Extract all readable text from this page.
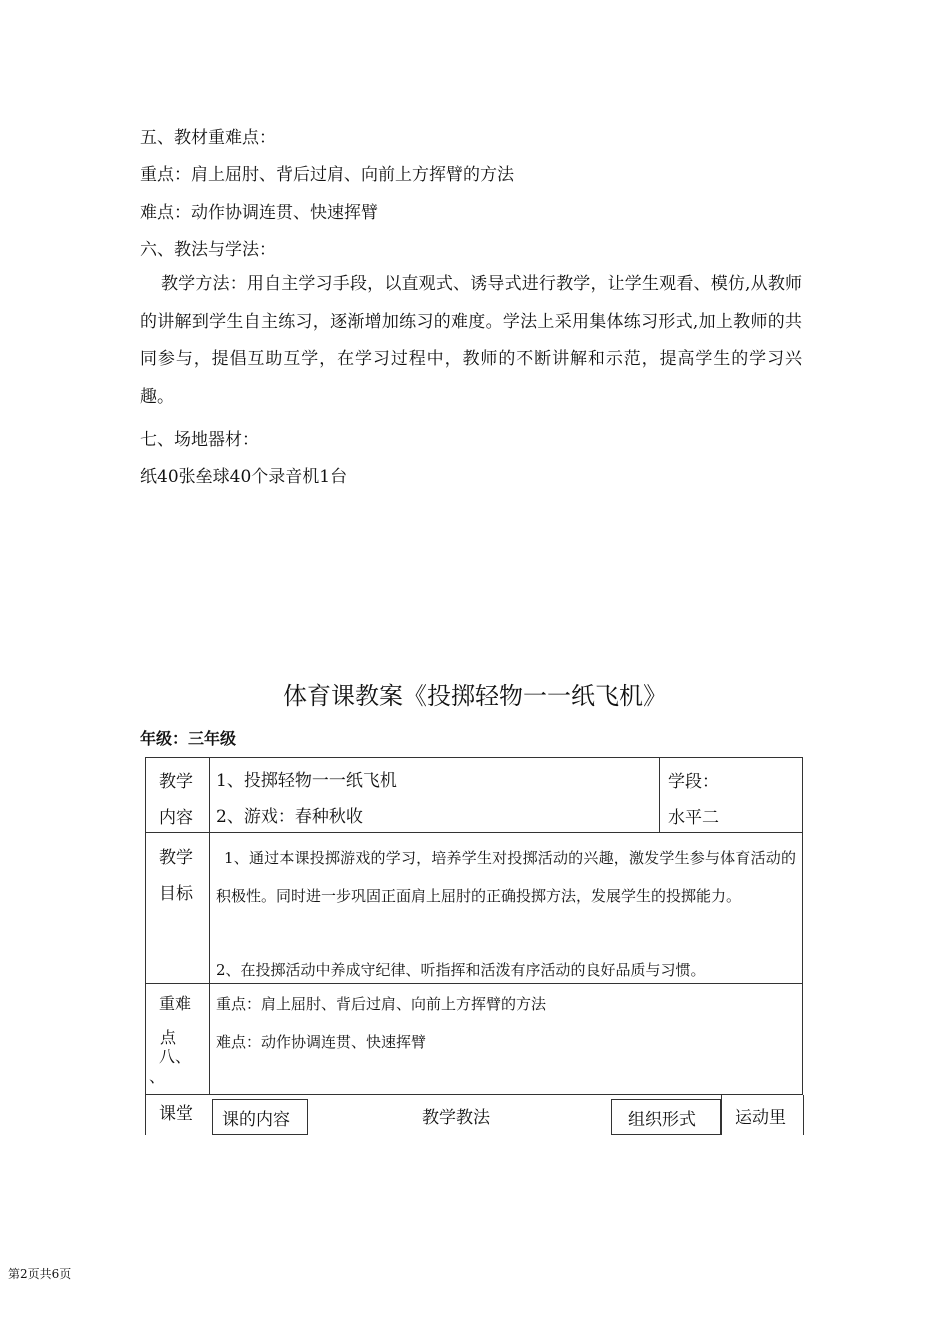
五、教材重难点：
重点：肩上屈肘、背后过肩、向前上方挥臂的方法
难点：动作协调连贯、快速挥臂
六、教法与学法：
教学方法：用自主学习手段，以直观式、诱导式进行教学，让学生观看、模仿,从教师的讲解到学生自主练习，逐渐增加练习的难度。学法上采用集体练习形式,加上教师的共同参与，提倡互助互学，在学习过程中，教师的不断讲解和示范，提高学生的学习兴趣。
七、场地器材：
纸40张垒球40个录音机1台
体育课教案《投掷轻物一一纸飞机》
年级：三年级
教学
内容
1、投掷轻物一一纸飞机
2、游戏：春种秋收
学段：
水平二
教学
目标
1、通过本课投掷游戏的学习，培养学生对投掷活动的兴趣，激发学生参与体育活动的积极性。同时进一步巩固正面肩上屈肘的正确投掷方法，发展学生的投掷能力。
2、在投掷活动中养成守纪律、听指挥和活泼有序活动的良好品质与习惯。
重难
点
八、
、
重点：肩上屈肘、背后过肩、向前上方挥臂的方法
难点：动作协调连贯、快速挥臂
课堂 课的内容	教学教法	组织形式 运动里
第2页共6页
